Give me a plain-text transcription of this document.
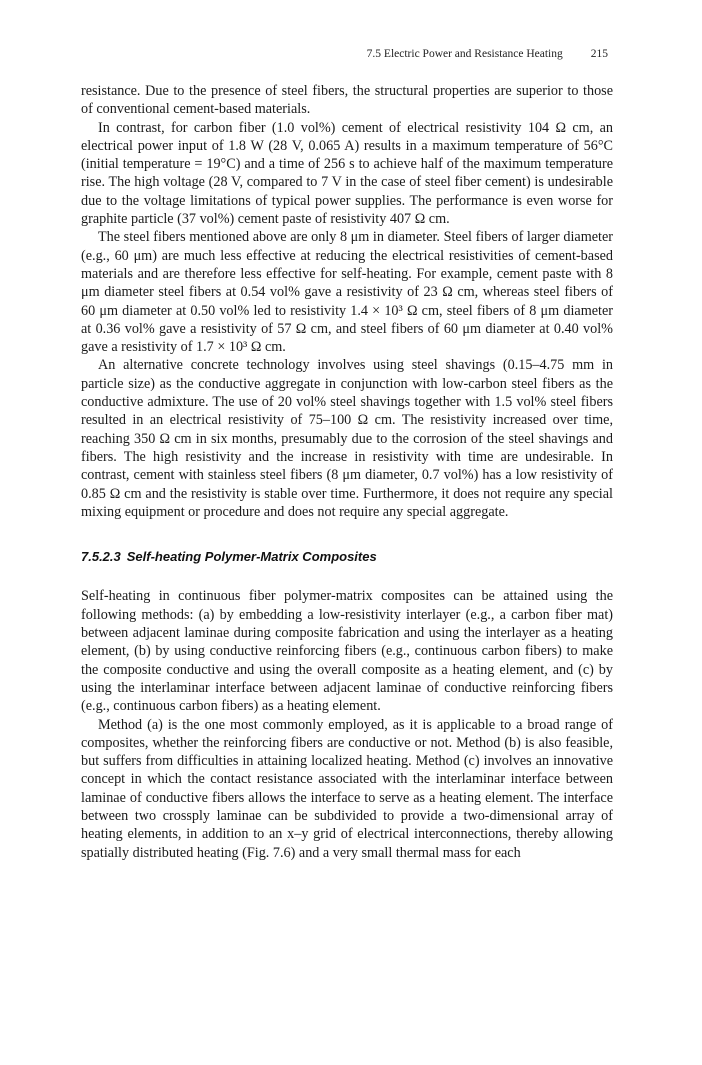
7.5 Electric Power and Resistance Heating 215

resistance. Due to the presence of steel fibers, the structural properties are superior to those of conventional cement-based materials.

In contrast, for carbon fiber (1.0 vol%) cement of electrical resistivity 104 Ω cm, an electrical power input of 1.8 W (28 V, 0.065 A) results in a maximum temperature of 56°C (initial temperature = 19°C) and a time of 256 s to achieve half of the maximum temperature rise. The high voltage (28 V, compared to 7 V in the case of steel fiber cement) is undesirable due to the voltage limitations of typical power supplies. The performance is even worse for graphite particle (37 vol%) cement paste of resistivity 407 Ω cm.

The steel fibers mentioned above are only 8 μm in diameter. Steel fibers of larger diameter (e.g., 60 μm) are much less effective at reducing the electrical resistivities of cement-based materials and are therefore less effective for self-heating. For example, cement paste with 8 μm diameter steel fibers at 0.54 vol% gave a resistivity of 23 Ω cm, whereas steel fibers of 60 μm diameter at 0.50 vol% led to resistivity 1.4 × 10³ Ω cm, steel fibers of 8 μm diameter at 0.36 vol% gave a resistivity of 57 Ω cm, and steel fibers of 60 μm diameter at 0.40 vol% gave a resistivity of 1.7 × 10³ Ω cm.

An alternative concrete technology involves using steel shavings (0.15–4.75 mm in particle size) as the conductive aggregate in conjunction with low-carbon steel fibers as the conductive admixture. The use of 20 vol% steel shavings together with 1.5 vol% steel fibers resulted in an electrical resistivity of 75–100 Ω cm. The resistivity increased over time, reaching 350 Ω cm in six months, presumably due to the corrosion of the steel shavings and fibers. The high resistivity and the increase in resistivity with time are undesirable. In contrast, cement with stainless steel fibers (8 μm diameter, 0.7 vol%) has a low resistivity of 0.85 Ω cm and the resistivity is stable over time. Furthermore, it does not require any special mixing equipment or procedure and does not require any special aggregate.

7.5.2.3 Self-heating Polymer-Matrix Composites

Self-heating in continuous fiber polymer-matrix composites can be attained using the following methods: (a) by embedding a low-resistivity interlayer (e.g., a carbon fiber mat) between adjacent laminae during composite fabrication and using the interlayer as a heating element, (b) by using conductive reinforcing fibers (e.g., continuous carbon fibers) to make the composite conductive and using the overall composite as a heating element, and (c) by using the interlaminar interface between adjacent laminae of conductive reinforcing fibers (e.g., continuous carbon fibers) as a heating element.

Method (a) is the one most commonly employed, as it is applicable to a broad range of composites, whether the reinforcing fibers are conductive or not. Method (b) is also feasible, but suffers from difficulties in attaining localized heating. Method (c) involves an innovative concept in which the contact resistance associated with the interlaminar interface between laminae of conductive fibers allows the interface to serve as a heating element. The interface between two crossply laminae can be subdivided to provide a two-dimensional array of heating elements, in addition to an x–y grid of electrical interconnections, thereby allowing spatially distributed heating (Fig. 7.6) and a very small thermal mass for each
